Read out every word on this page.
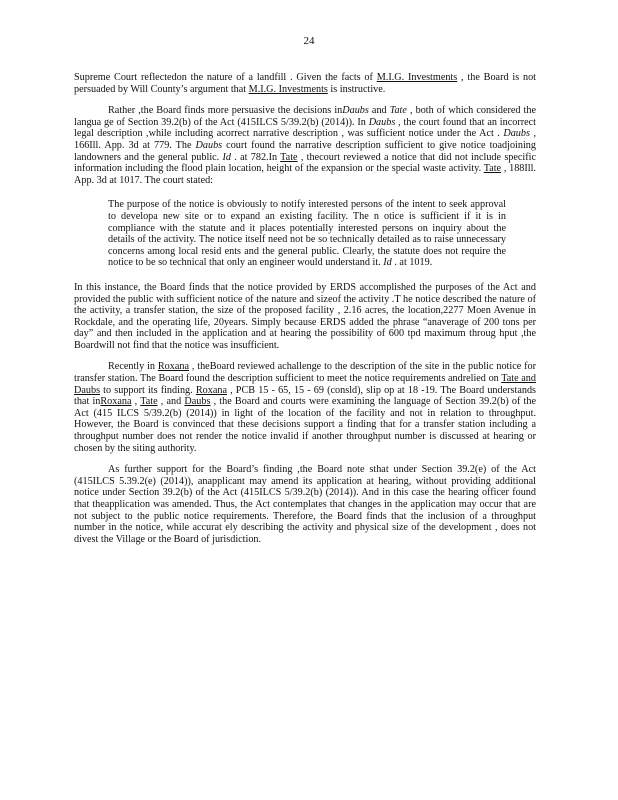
24

Supreme Court reflectedon the nature of a landfill . Given the facts of M.I.G. Investments , the Board is not persuaded by Will County’s argument that M.I.G. Investments is instructive.

Rather ,the Board finds more persuasive the decisions inDaubs and Tate , both of which considered the langua ge of Section 39.2(b) of the Act (415ILCS 5/39.2(b) (2014)). In Daubs , the court found that an incorrect legal description ,while including acorrect narrative description , was sufficient notice under the Act . Daubs , 166Ill. App. 3d at 779. The Daubs court found the narrative description sufficient to give notice toadjoining landowners and the general public. Id . at 782.In Tate , thecourt reviewed a notice that did not include specific information including the flood plain location, height of the expansion or the special waste activity. Tate , 188Ill. App. 3d at 1017. The court stated:

The purpose of the notice is obviously to notify interested persons of the intent to seek approval to developa new site or to expand an existing facility. The n otice is sufficient if it is in compliance with the statute and it places potentially interested persons on inquiry about the details of the activity. The notice itself need not be so technically detailed as to raise unnecessary concerns among local resid ents and the general public. Clearly, the statute does not require the notice to be so technical that only an engineer would understand it. Id . at 1019.

In this instance, the Board finds that the notice provided by ERDS accomplished the purposes of the Act and provided the public with sufficient notice of the nature and sizeof the activity .T he notice described the nature of the activity, a transfer station, the size of the proposed facility , 2.16 acres, the location,2277 Moen Avenue in Rockdale, and the operating life, 20years. Simply because ERDS added the phrase “anaverage of 200 tons per day” and then included in the application and at hearing the possibility of 600 tpd maximum throug hput ,the Boardwill not find that the notice was insufficient.

Recently in Roxana , theBoard reviewed achallenge to the description of the site in the public notice for transfer station. The Board found the description sufficient to meet the notice requirements andrelied on Tate and Daubs to support its finding. Roxana , PCB 15 - 65, 15 - 69 (consld), slip op at 18 -19. The Board understands that inRoxana , Tate , and Daubs , the Board and courts were examining the language of Section 39.2(b) of the Act (415 ILCS 5/39.2(b) (2014)) in light of the location of the facility and not in relation to throughput. However, the Board is convinced that these decisions support a finding that for a transfer station including a throughput number does not render the notice invalid if another throughput number is discussed at hearing or chosen by the siting authority.

As further support for the Board’s finding ,the Board note sthat under Section 39.2(e) of the Act (415ILCS 5.39.2(e) (2014)), anapplicant may amend its application at hearing, without providing additional notice under Section 39.2(b) of the Act (415ILCS 5/39.2(b) (2014)). And in this case the hearing officer found that theapplication was amended. Thus, the Act contemplates that changes in the application may occur that are not subject to the public notice requirements. Therefore, the Board finds that the inclusion of a throughput number in the notice, while accurat ely describing the activity and physical size of the development , does not divest the Village or the Board of jurisdiction.
